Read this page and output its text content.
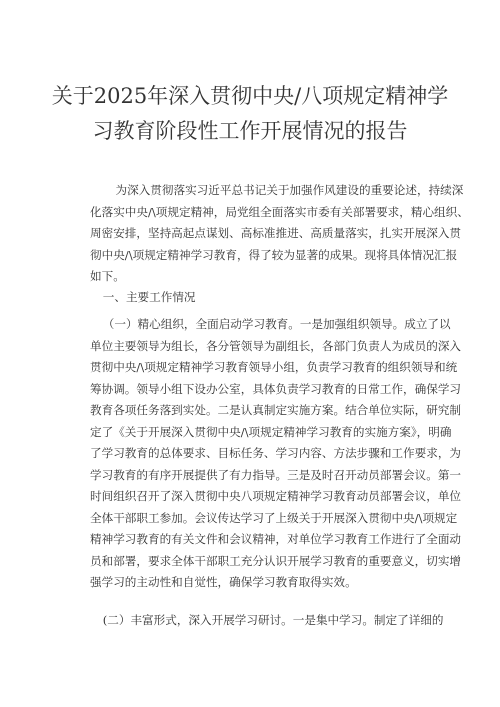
关于2025年深入贯彻中央/八项规定精神学
习教育阶段性工作开展情况的报告
为深入贯彻落实习近平总书记关于加强作风建设的重要论述，持续深
化落实中央/\项规定精神，局党组全面落实市委有关部署要求，精心组织、
周密安排，坚持高起点谋划、高标准推进、高质量落实，扎实开展深入贯
彻中央/\项规定精神学习教育，得了较为显著的成果。现将具体情况汇报
如下。
一、主要工作情况
（一）精心组织，全面启动学习教育。一是加强组织领导。成立了以
单位主要领导为组长，各分管领导为副组长，各部门负责人为成员的深入
贯彻中央/\项规定精神学习教育领导小组，负责学习教育的组织领导和统
筹协调。领导小组下设办公室，具体负责学习教育的日常工作，确保学习
教育各项任务落到实处。二是认真制定实施方案。结合单位实际，研究制
定了《关于开展深入贯彻中央/\项规定精神学习教育的实施方案》，明确
了学习教育的总体要求、目标任务、学习内容、方法步骤和工作要求，为
学习教育的有序开展提供了有力指导。三是及时召开动员部署会议。第一
时间组织召开了深入贯彻中央八项规定精神学习教育动员部署会议，单位
全体干部职工参加。会议传达学习了上级关于开展深入贯彻中央/\项规定
精神学习教育的有关文件和会议精神，对单位学习教育工作进行了全面动
员和部署，要求全体干部职工充分认识开展学习教育的重要意义，切实增
强学习的主动性和自觉性，确保学习教育取得实效。
(二）丰富形式，深入开展学习研讨。一是集中学习。制定了详细的
